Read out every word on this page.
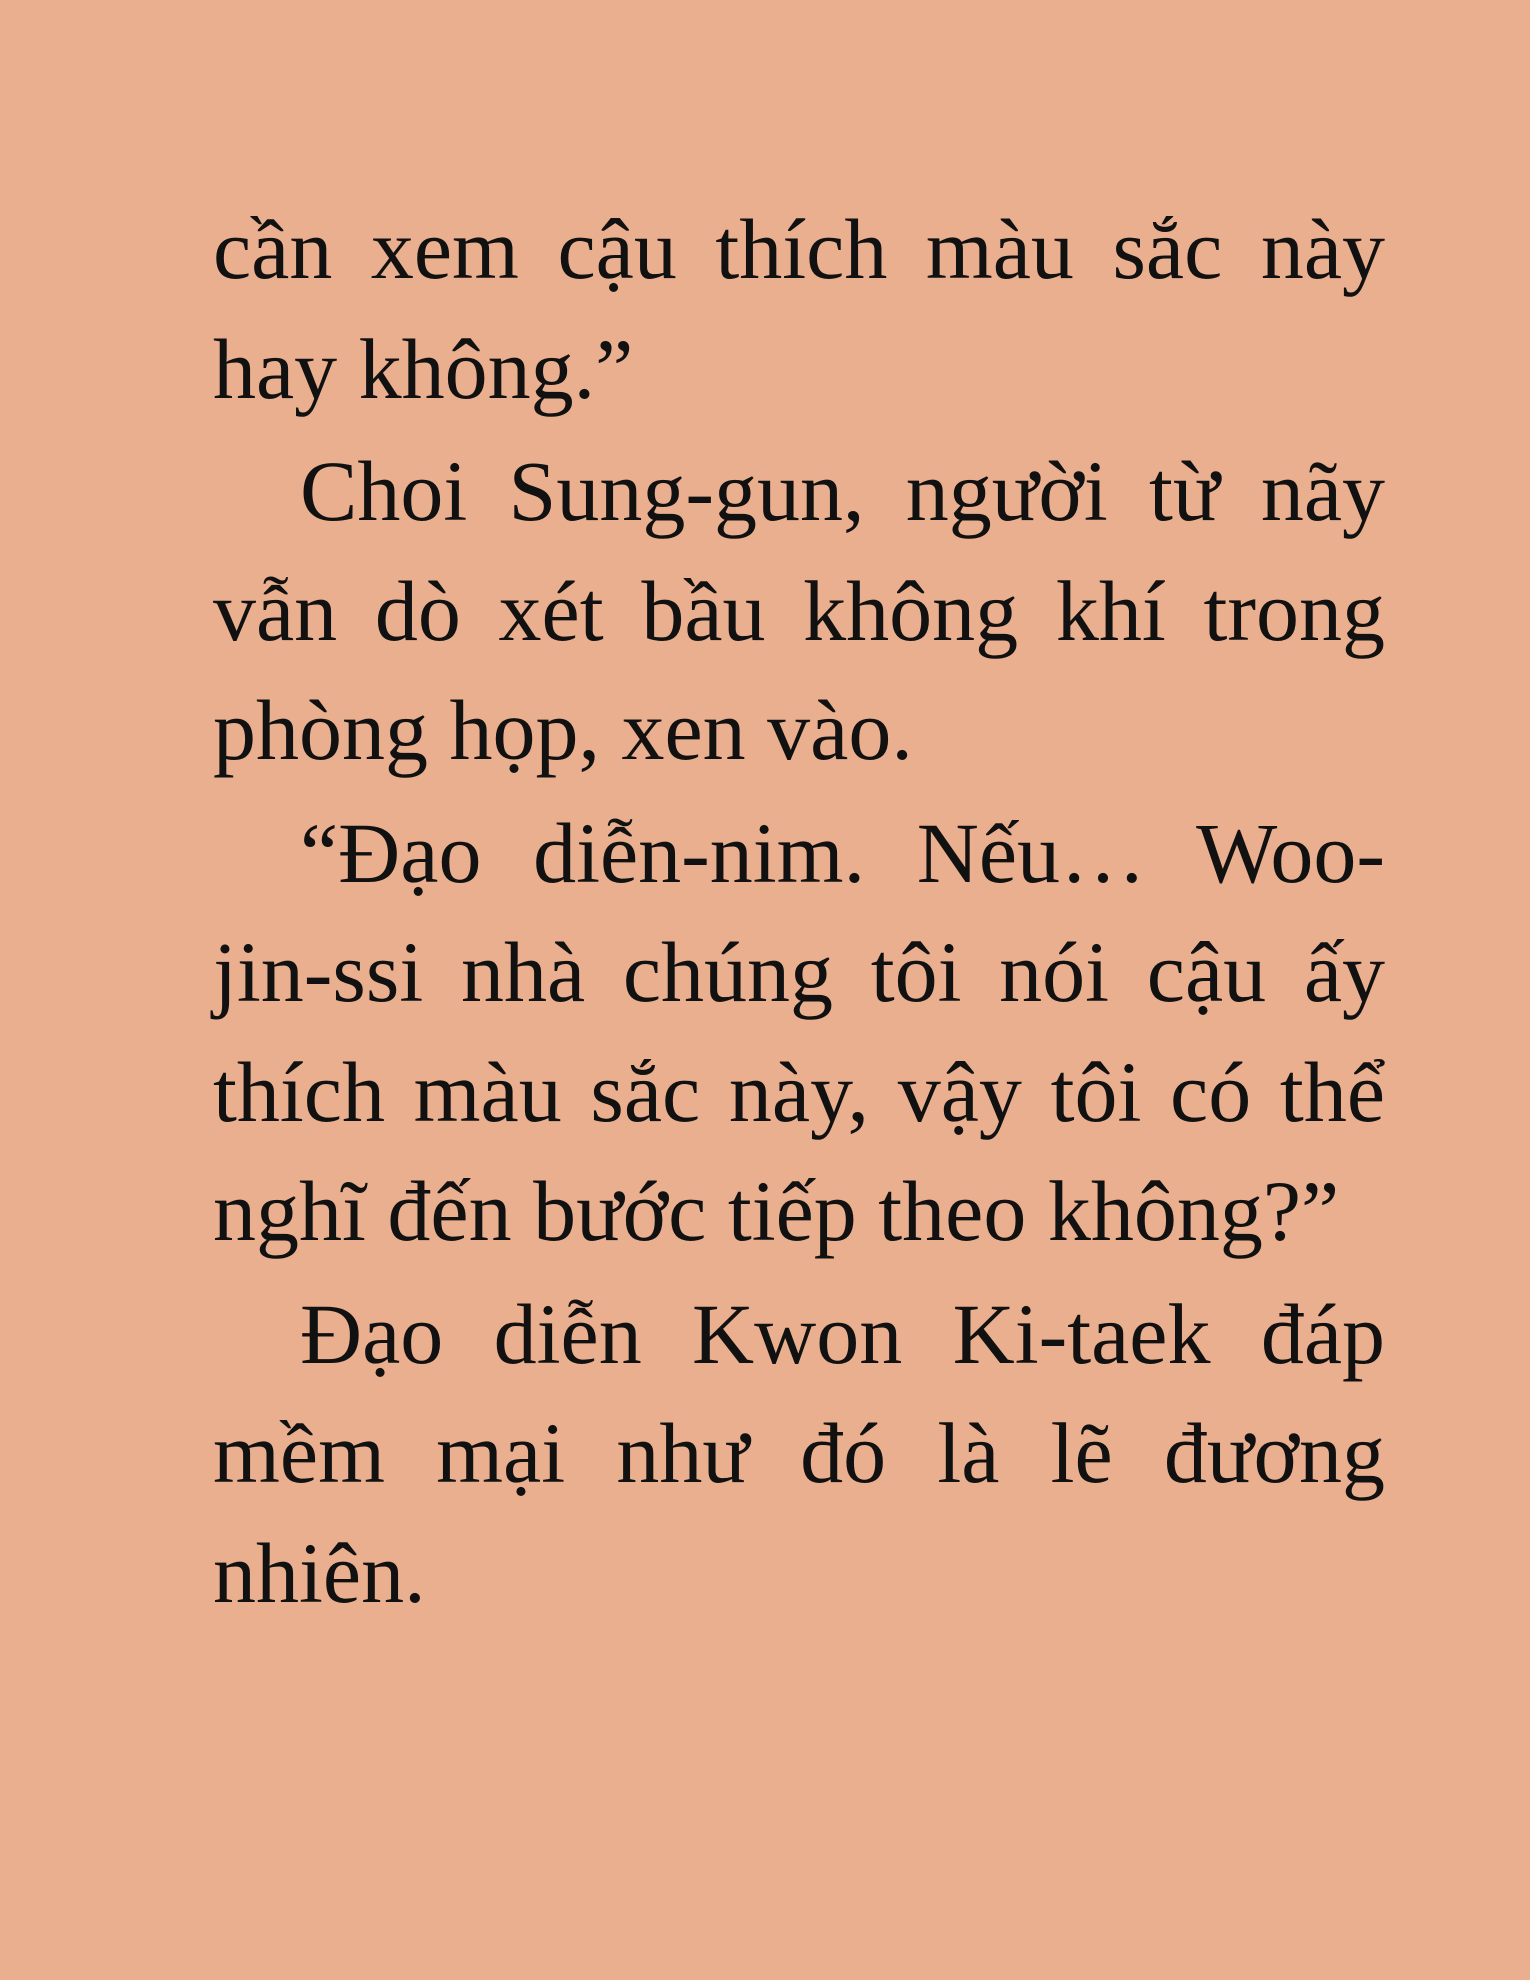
cần xem cậu thích màu sắc này hay không.”

Choi Sung-gun, người từ nãy vẫn dò xét bầu không khí trong phòng họp, xen vào.

“Đạo diễn-nim. Nếu… Woo-jin-ssi nhà chúng tôi nói cậu ấy thích màu sắc này, vậy tôi có thể nghĩ đến bước tiếp theo không?”

Đạo diễn Kwon Ki-taek đáp mềm mại như đó là lẽ đương nhiên.
